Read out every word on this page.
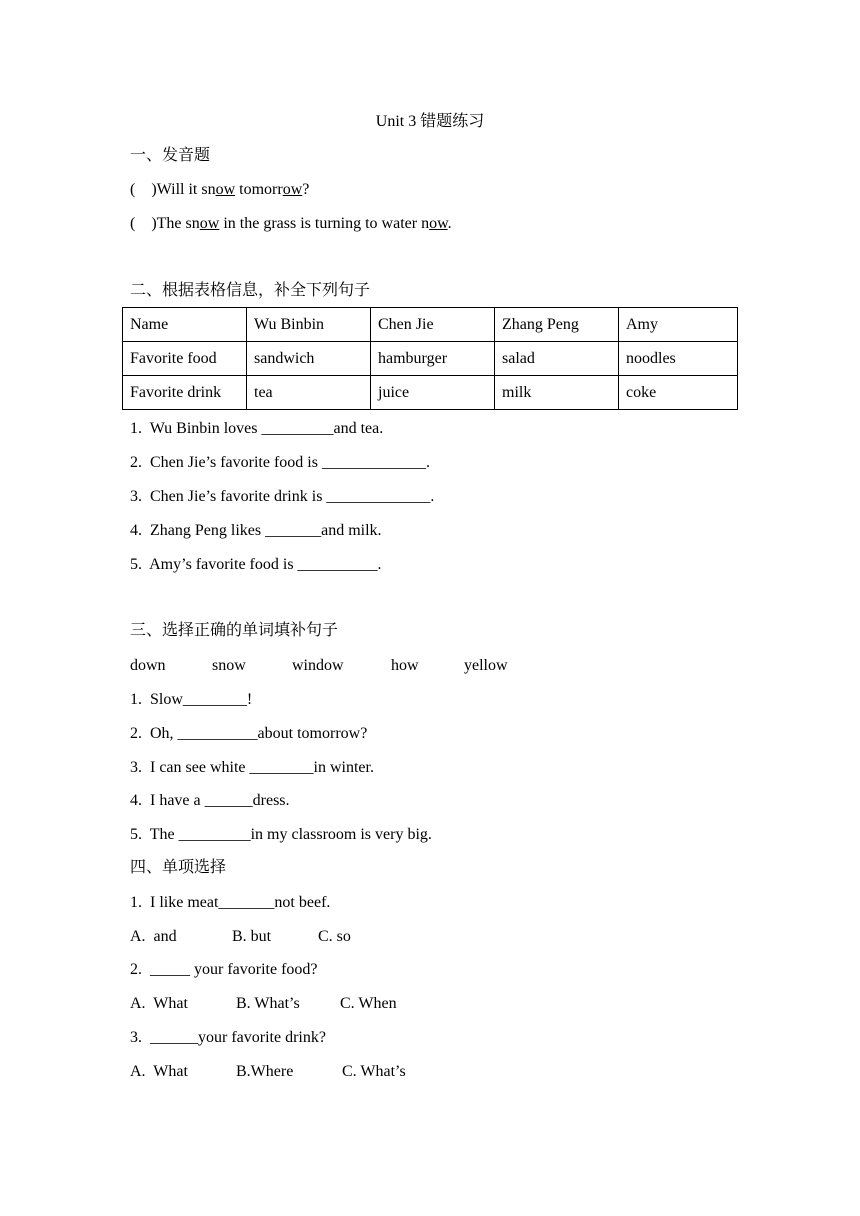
Unit 3 错题练习
一、发音题
(    )Will it snow tomorrow?
(    )The snow in the grass is turning to water now.
二、根据表格信息，补全下列句子
Name	Wu Binbin	Chen Jie	Zhang Peng	Amy
Favorite food	sandwich	hamburger	salad	noodles
Favorite drink	tea	juice	milk	coke
1.  Wu Binbin loves _________and tea.
2.  Chen Jie’s favorite food is _____________.
3.  Chen Jie’s favorite drink is _____________.
4.  Zhang Peng likes _______and milk.
5.  Amy’s favorite food is __________.
三、选择正确的单词填补句子
down	snow	window	how	yellow
1.  Slow________!
2.  Oh, __________about tomorrow?
3.  I can see white ________in winter.
4.  I have a ______dress.
5.  The _________in my classroom is very big.
四、单项选择
1.  I like meat_______not beef.
A.  and	B. but	C. so
2.  _____ your favorite food?
A.  What	B. What’s	C. When
3.  ______your favorite drink?
A.  What	B.Where	C. What’s
